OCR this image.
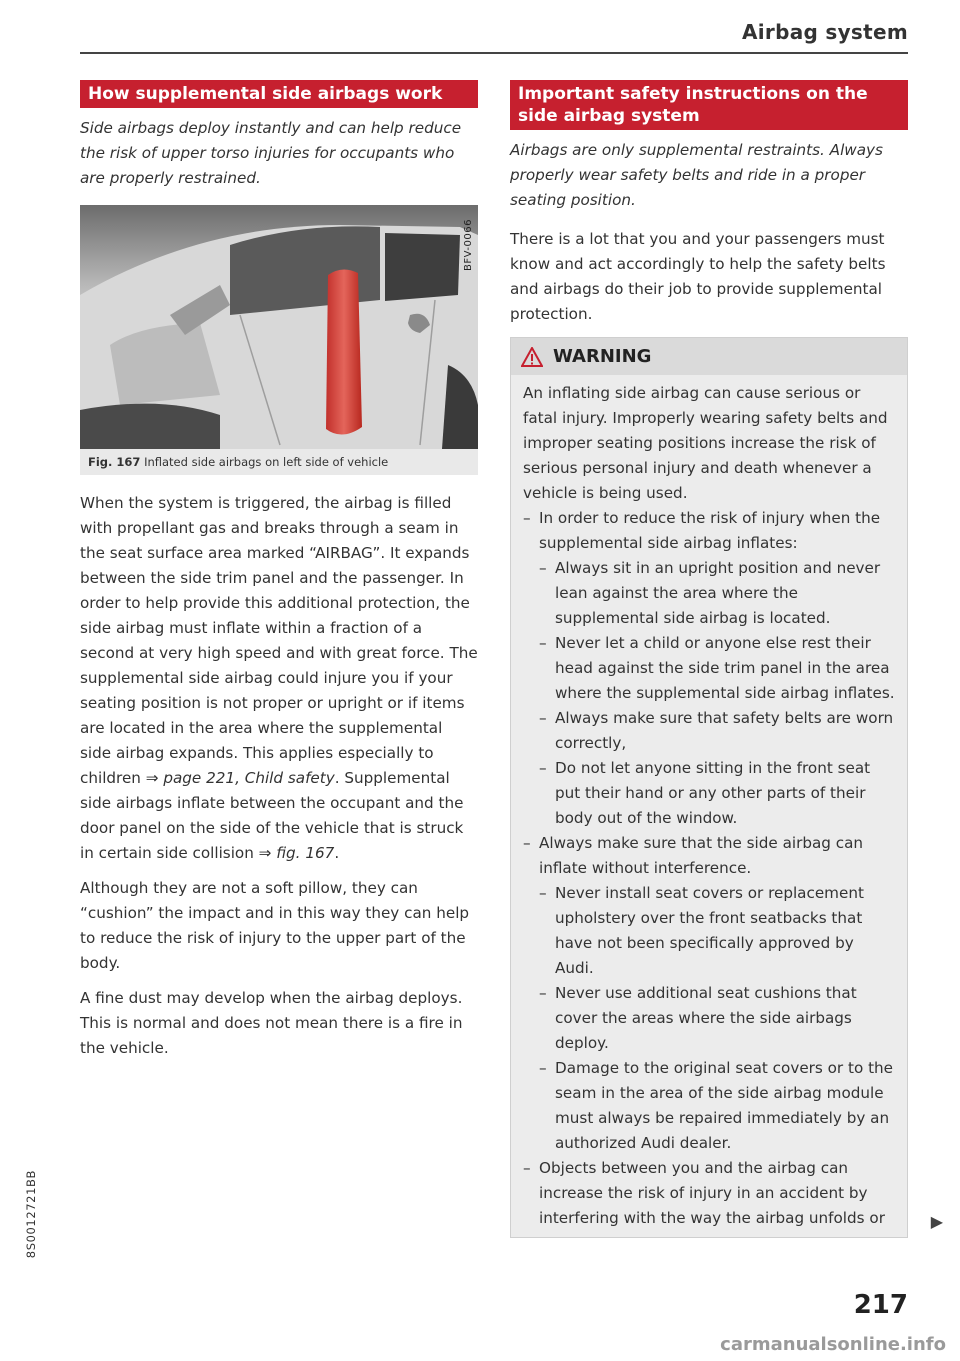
Airbag system
How supplemental side airbags work
Side airbags deploy instantly and can help reduce the risk of upper torso injuries for occupants who are properly restrained.
BFV-0066
Fig. 167 Inflated side airbags on left side of vehicle

When the system is triggered, the airbag is filled with propellant gas and breaks through a seam in the seat surface area marked “AIRBAG”. It expands between the side trim panel and the passenger. In order to help provide this additional protection, the side airbag must inflate within a fraction of a second at very high speed and with great force. The supplemental side airbag could injure you if your seating position is not proper or upright or if items are located in the area where the supplemental side airbag expands. This applies especially to children ⇒ page 221, Child safety. Supplemental side airbags inflate between the occupant and the door panel on the side of the vehicle that is struck in certain side collision ⇒ fig. 167.

Although they are not a soft pillow, they can “cushion” the impact and in this way they can help to reduce the risk of injury to the upper part of the body.

A fine dust may develop when the airbag deploys. This is normal and does not mean there is a fire in the vehicle.

Important safety instructions on the side airbag system
Airbags are only supplemental restraints. Always properly wear safety belts and ride in a proper seating position.

There is a lot that you and your passengers must know and act accordingly to help the safety belts and airbags do their job to provide supplemental protection.

WARNING

An inflating side airbag can cause serious or fatal injury. Improperly wearing safety belts and improper seating positions increase the risk of serious personal injury and death whenever a vehicle is being used.

– In order to reduce the risk of injury when the supplemental side airbag inflates:
– Always sit in an upright position and never lean against the area where the supplemental side airbag is located.
– Never let a child or anyone else rest their head against the side trim panel in the area where the supplemental side airbag inflates.
– Always make sure that safety belts are worn correctly,
– Do not let anyone sitting in the front seat put their hand or any other parts of their body out of the window.
– Always make sure that the side airbag can inflate without interference.
– Never install seat covers or replacement upholstery over the front seatbacks that have not been specifically approved by Audi.
– Never use additional seat cushions that cover the areas where the side airbags deploy.
– Damage to the original seat covers or to the seam in the area of the side airbag module must always be repaired immediately by an authorized Audi dealer.
– Objects between you and the airbag can increase the risk of injury in an accident by interfering with the way the airbag unfolds or	▶
8S0012721BB
217
carmanualsonline.info
